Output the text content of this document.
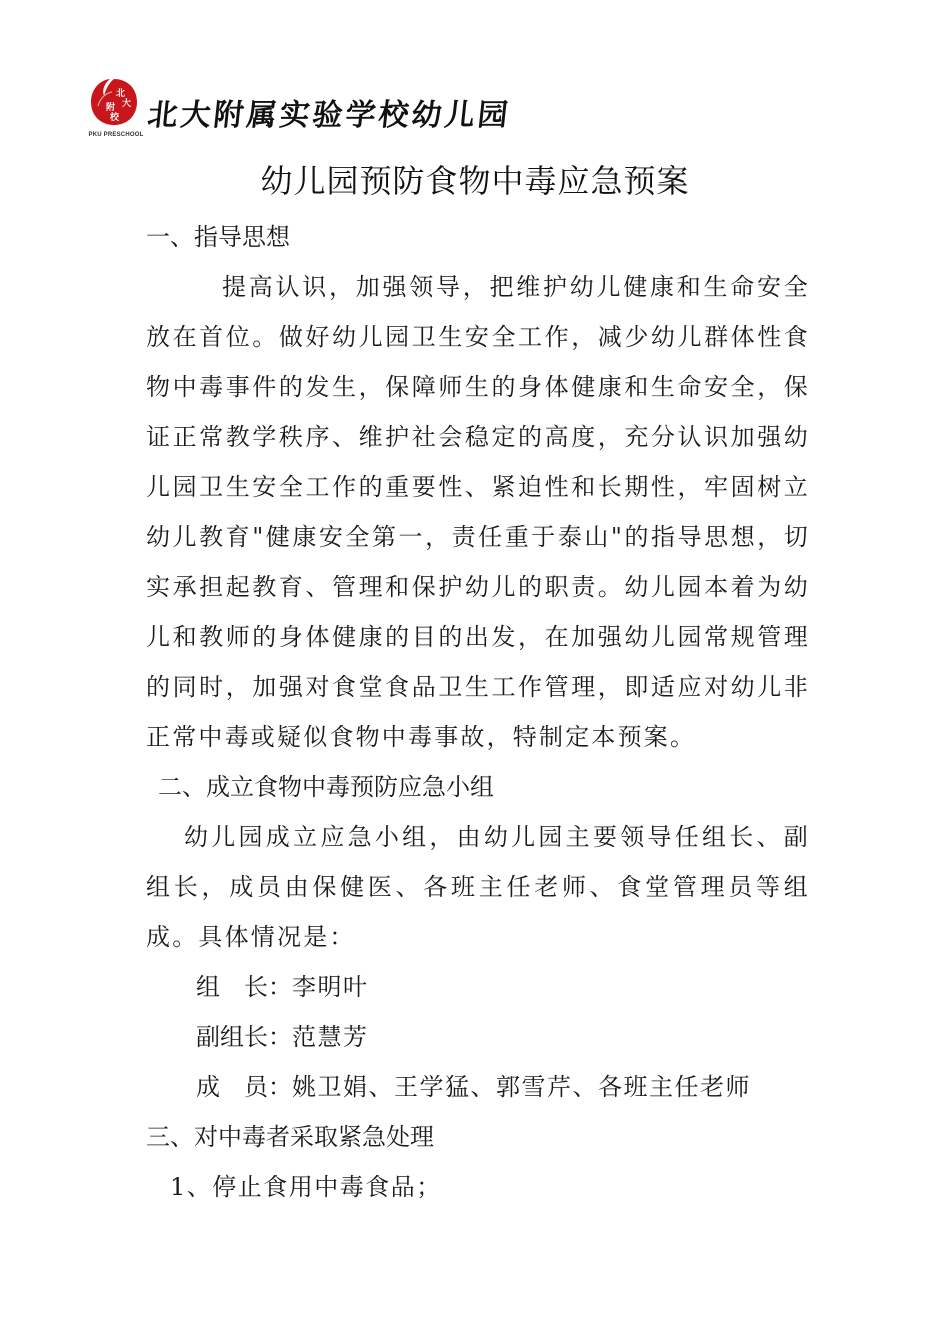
北
大
附
校
PKU PRESCHOOL
北大附属实验学校幼儿园
幼儿园预防食物中毒应急预案

一、指导思想

提高认识，加强领导，把维护幼儿健康和生命安全放在首位。做好幼儿园卫生安全工作，减少幼儿群体性食物中毒事件的发生，保障师生的身体健康和生命安全，保证正常教学秩序、维护社会稳定的高度，充分认识加强幼儿园卫生安全工作的重要性、紧迫性和长期性，牢固树立幼儿教育"健康安全第一，责任重于泰山"的指导思想，切实承担起教育、管理和保护幼儿的职责。幼儿园本着为幼儿和教师的身体健康的目的出发，在加强幼儿园常规管理的同时，加强对食堂食品卫生工作管理，即适应对幼儿非正常中毒或疑似食物中毒事故，特制定本预案。

二、成立食物中毒预防应急小组

幼儿园成立应急小组，由幼儿园主要领导任组长、副组长，成员由保健医、各班主任老师、食堂管理员等组成。具体情况是：

组　长：李明叶

副组长：范慧芳

成　员：姚卫娟、王学猛、郭雪芹、各班主任老师

三、对中毒者采取紧急处理

1、停止食用中毒食品；
